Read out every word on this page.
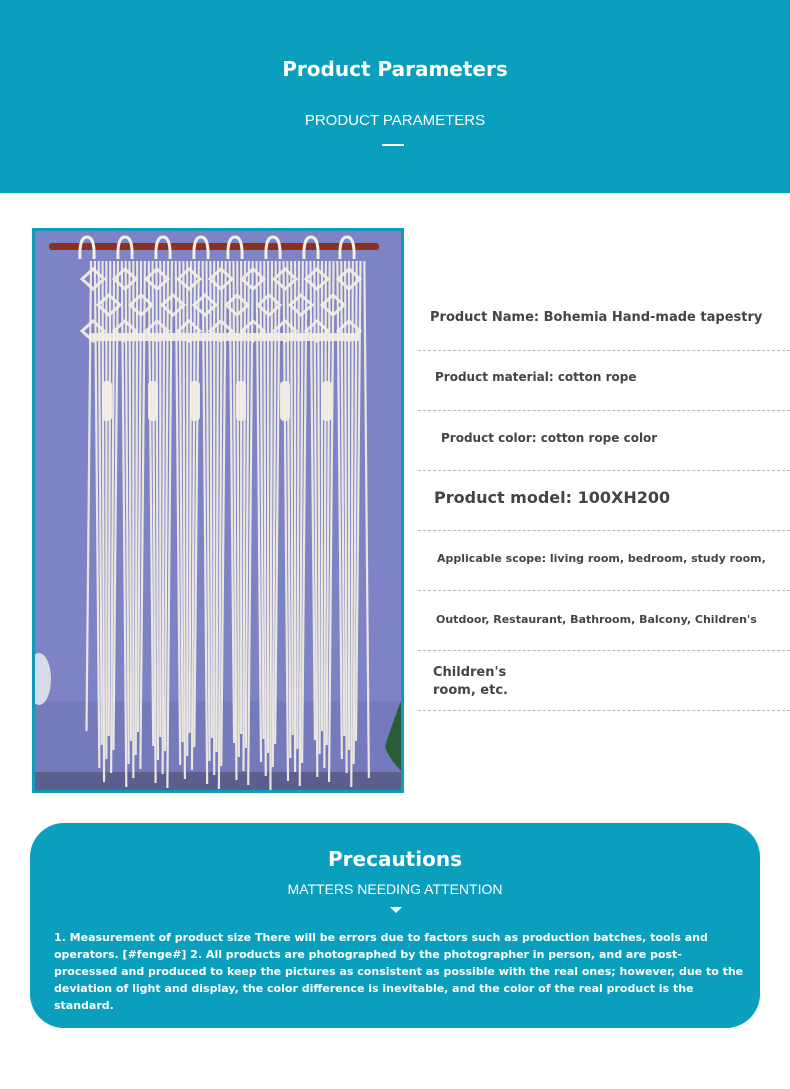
Product Parameters
PRODUCT PARAMETERS
Product Name: Bohemia Hand-made tapestry
Product material: cotton rope
Product color: cotton rope color
Product model: 100XH200
Applicable scope: living room, bedroom, study room,
Outdoor, Restaurant, Bathroom, Balcony, Children's
Children's
room, etc.
Precautions
MATTERS NEEDING ATTENTION
1. Measurement of product size There will be errors due to factors such as production batches, tools and operators. [#fenge#] 2. All products are photographed by the photographer in person, and are post-processed and produced to keep the pictures as consistent as possible with the real ones; however, due to the deviation of light and display, the color difference is inevitable, and the color of the real product is the standard.
